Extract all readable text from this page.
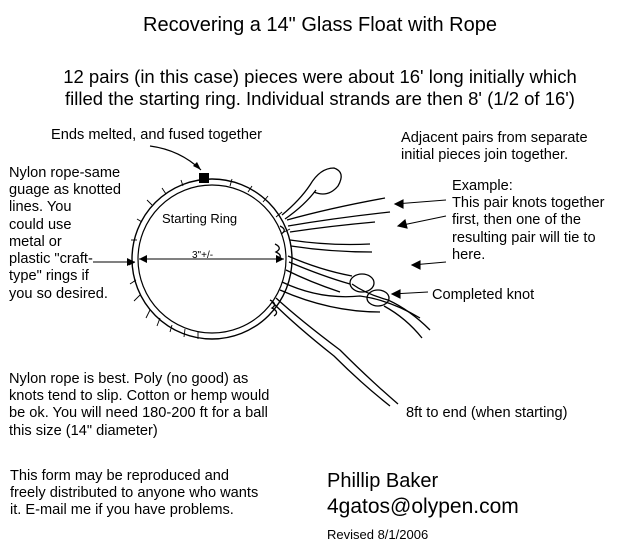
Recovering a 14" Glass Float with Rope
12 pairs (in this case) pieces were about 16' long initially which
filled the starting ring. Individual strands are then 8' (1/2 of 16')
Starting Ring
3"+/-
Ends melted, and fused together
Nylon rope-same
guage as knotted
lines. You
could use
metal or
plastic "craft-
type" rings if
you so desired.
Adjacent pairs from separate
initial pieces join together.
Example:
This pair knots together
first, then one of the
resulting pair will tie to
here.
Completed knot
Nylon rope is best. Poly (no good) as
knots tend to slip. Cotton or hemp would
be ok. You will need 180-200 ft for a ball
this size (14" diameter)
8ft to end (when starting)
This form may be reproduced and
freely distributed to anyone who wants
it. E-mail me if you have problems.
Phillip Baker
4gatos@olypen.com
Revised 8/1/2006
